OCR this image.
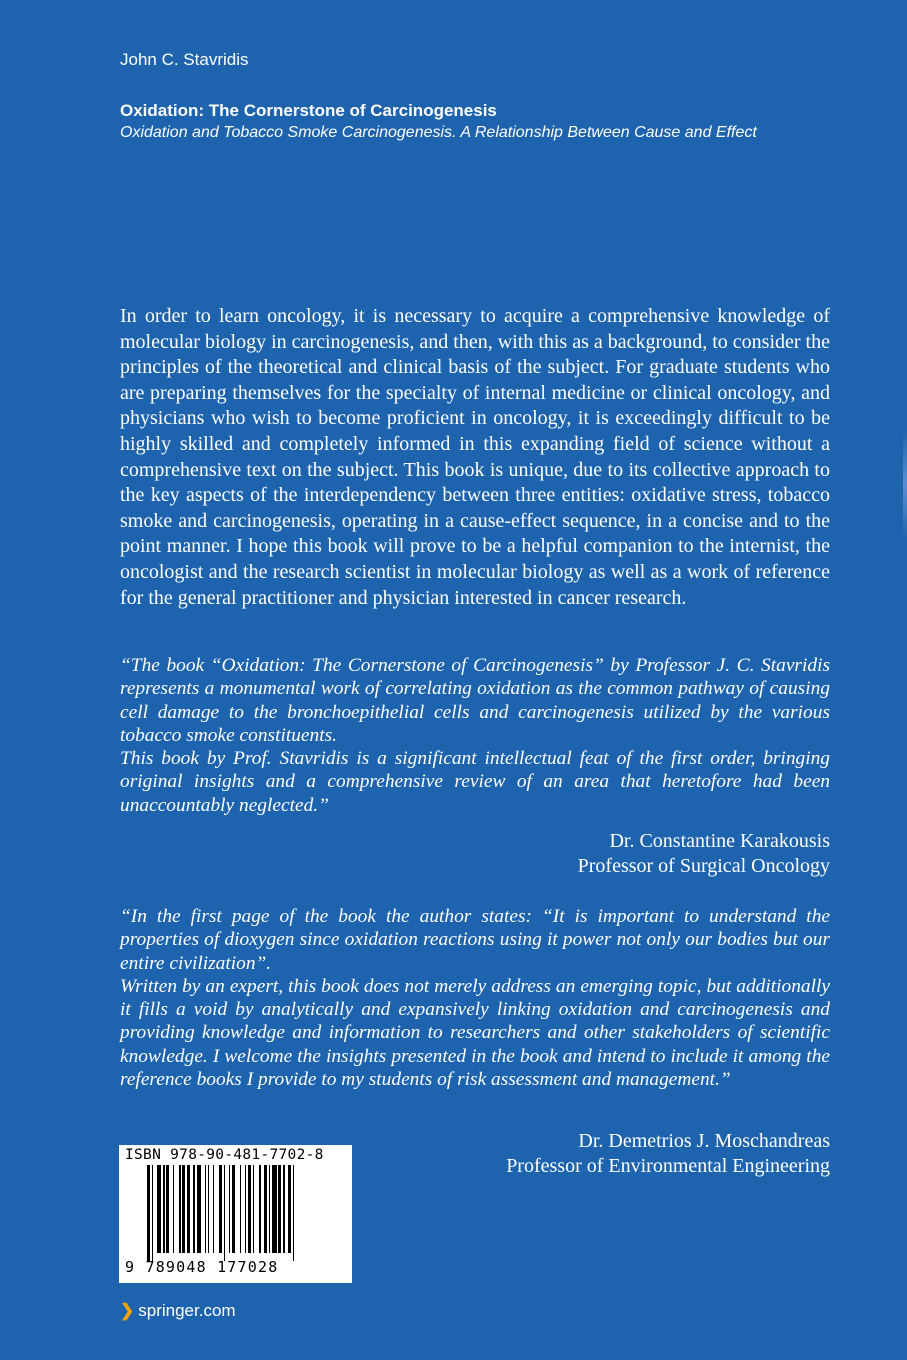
John C. Stavridis
Oxidation: The Cornerstone of Carcinogenesis
Oxidation and Tobacco Smoke Carcinogenesis. A Relationship Between Cause and Effect
In order to learn oncology, it is necessary to acquire a comprehensive knowledge of molecular biology in carcinogenesis, and then, with this as a background, to consider the principles of the theoretical and clinical basis of the subject. For graduate students who are preparing themselves for the specialty of internal medicine or clinical oncology, and physicians who wish to become proficient in oncology, it is exceedingly difficult to be highly skilled and completely informed in this expanding field of science without a comprehensive text on the subject. This book is unique, due to its collective approach to the key aspects of the interdependency between three entities: oxidative stress, tobacco smoke and carcinogenesis, operating in a cause-effect sequence, in a concise and to the point manner. I hope this book will prove to be a helpful companion to the internist, the oncologist and the research scientist in molecular biology as well as a work of reference for the general practitioner and physician interested in cancer research.

“The book “Oxidation: The Cornerstone of Carcinogenesis” by Professor J. C. Stavridis represents a monumental work of correlating oxidation as the common pathway of causing cell damage to the bronchoepithelial cells and carcinogenesis utilized by the various tobacco smoke constituents.

This book by Prof. Stavridis is a significant intellectual feat of the first order, bringing original insights and a comprehensive review of an area that heretofore had been unaccountably neglected.”

Dr. Constantine Karakousis
Professor of Surgical Oncology

“In the first page of the book the author states: “It is important to understand the properties of dioxygen since oxidation reactions using it power not only our bodies but our entire civilization”.

Written by an expert, this book does not merely address an emerging topic, but additionally it fills a void by analytically and expansively linking oxidation and carcinogenesis and providing knowledge and information to researchers and other stakeholders of scientific knowledge. I welcome the insights presented in the book and intend to include it among the reference books I provide to my students of risk assessment and management.”

Dr. Demetrios J. Moschandreas
Professor of Environmental Engineering
ISBN 978-90-481-7702-8
9 789048 177028
❯ springer.com
